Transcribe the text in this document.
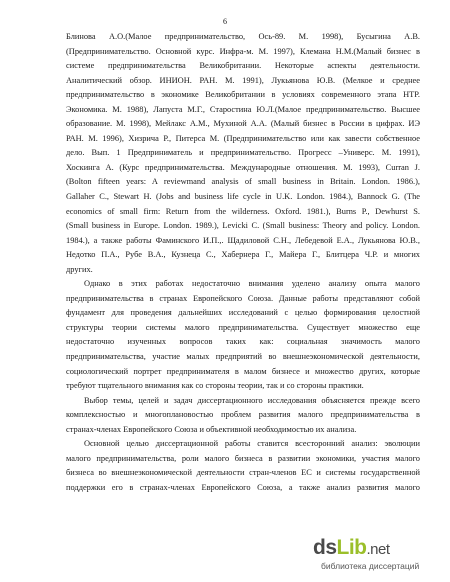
6
Блинова А.О.(Малое предпринимательство, Ось-89. М. 1998), Бусыгина А.В.
(Предпринимательство. Основной курс. Инфра-м. М. 1997), Клемана Н.М.(Малый бизнес в
системе предпринимательства Великобритании. Некоторые аспекты деятельности.
Аналитический обзор. ИНИОН. РАН. М. 1991), Лукьянова Ю.В. (Мелкое и среднее
предпринимательство в экономике Великобритании в условиях современного этапа НТР.
Экономика. М. 1988), Лапуста М.Г., Старостина Ю.Л.(Малое предпринимательство. Высшее
образование. М. 1998), Мейлакс А.М., Мухиной А.А. (Малый бизнес в России в цифрах. ИЭ
РАН. М. 1996), Хизрича Р., Питерса М. (Предпринимательство или как завести собственное
дело. Вып. 1 Предприниматель и предпринимательство. Прогресс –Универс. М. 1991),
Хоскинга А. (Курс предпринимательства. Международные отношения. М. 1993), Curran J.
(Bolton fifteen years: A reviewmand analysis of small business in Britain. London. 1986.),
Gallaher C., Stewart H. (Jobs and business life cycle in U.K. London. 1984.), Bannock G. (The
economics of small firm: Return from the wilderness. Oxford. 1981.), Burns P., Dewhurst S.
(Small business in Europe. London. 1989.), Levicki C. (Small business: Theory and policy. London.
1984.), а также работы Фаминского И.П.,. Щадиловой С.Н., Лебедевой Е.А., Лукьянова Ю.В.,
Недотко П.А., Рубе В.А., Кузнеца С., Хабернера Г., Майера Г., Блитцера Ч.Р. и многих
других.
Однако в этих работах недостаточно внимания уделено анализу опыта малого
предпринимательства в странах Европейского Союза. Данные работы представляют собой
фундамент для проведения дальнейших исследований с целью формирования целостной
структуры теории системы малого предпринимательства. Существует множество еще
недостаточно изученных вопросов таких как: социальная значимость малого
предпринимательства, участие малых предприятий во внешнеэкономической деятельности,
социологический портрет предпринимателя в малом бизнесе и множество других, которые
требуют тщательного внимания как со стороны теории, так и со стороны практики.
Выбор темы, целей и задач диссертационного исследования объясняется прежде всего
комплексностью и многоплановостью проблем развития малого предпринимательства в
странах-членах Европейского Союза и объективной необходимостью их анализа.
Основной целью диссертационной работы ставится всесторонний анализ: эволюции
малого предпринимательства, роли малого бизнеса в развитии экономики, участия малого
бизнеса во внешнеэкономической деятельности стран-членов ЕС и системы государственной
поддержки его в странах-членах Европейского Союза, а также анализ развития малого
dsLib.net
библиотека диссертаций
